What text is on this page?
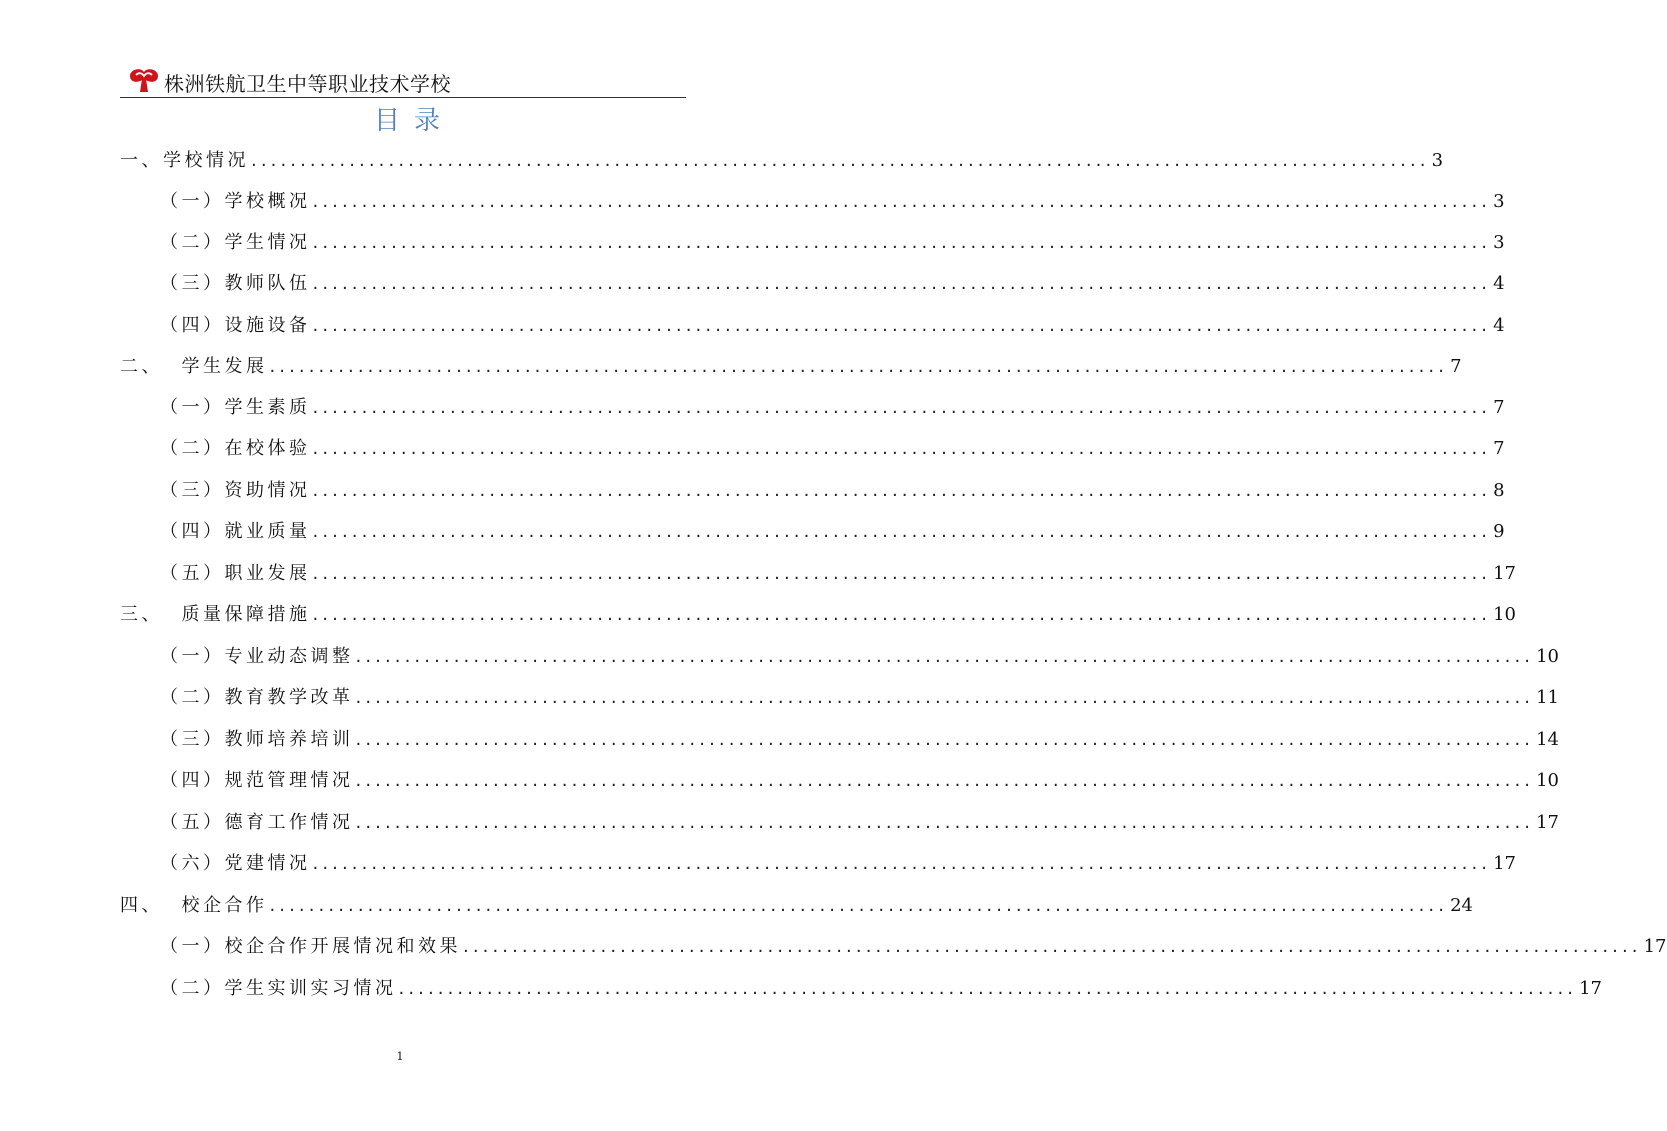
株洲铁航卫生中等职业技术学校
目录
一、学校情况 ........................................................................................................................ 3
（一）学校概况 ........................................................................................................................ 3
（二）学生情况 ........................................................................................................................ 3
（三）教师队伍 ........................................................................................................................ 4
（四）设施设备 ........................................................................................................................ 4
二、  学生发展 ........................................................................................................................ 7
（一）学生素质 ........................................................................................................................ 7
（二）在校体验 ........................................................................................................................ 7
（三）资助情况 ........................................................................................................................ 8
（四）就业质量 ........................................................................................................................ 9
（五）职业发展 ........................................................................................................................ 17
三、  质量保障措施 ........................................................................................................................ 10
（一）专业动态调整 ........................................................................................................................ 10
（二）教育教学改革 ........................................................................................................................ 11
（三）教师培养培训 ........................................................................................................................ 14
（四）规范管理情况 ........................................................................................................................ 10
（五）德育工作情况 ........................................................................................................................ 17
（六）党建情况 ........................................................................................................................ 17
四、  校企合作 ........................................................................................................................ 24
（一）校企合作开展情况和效果 ........................................................................................................................ 17
（二）学生实训实习情况 ........................................................................................................................ 17
1
